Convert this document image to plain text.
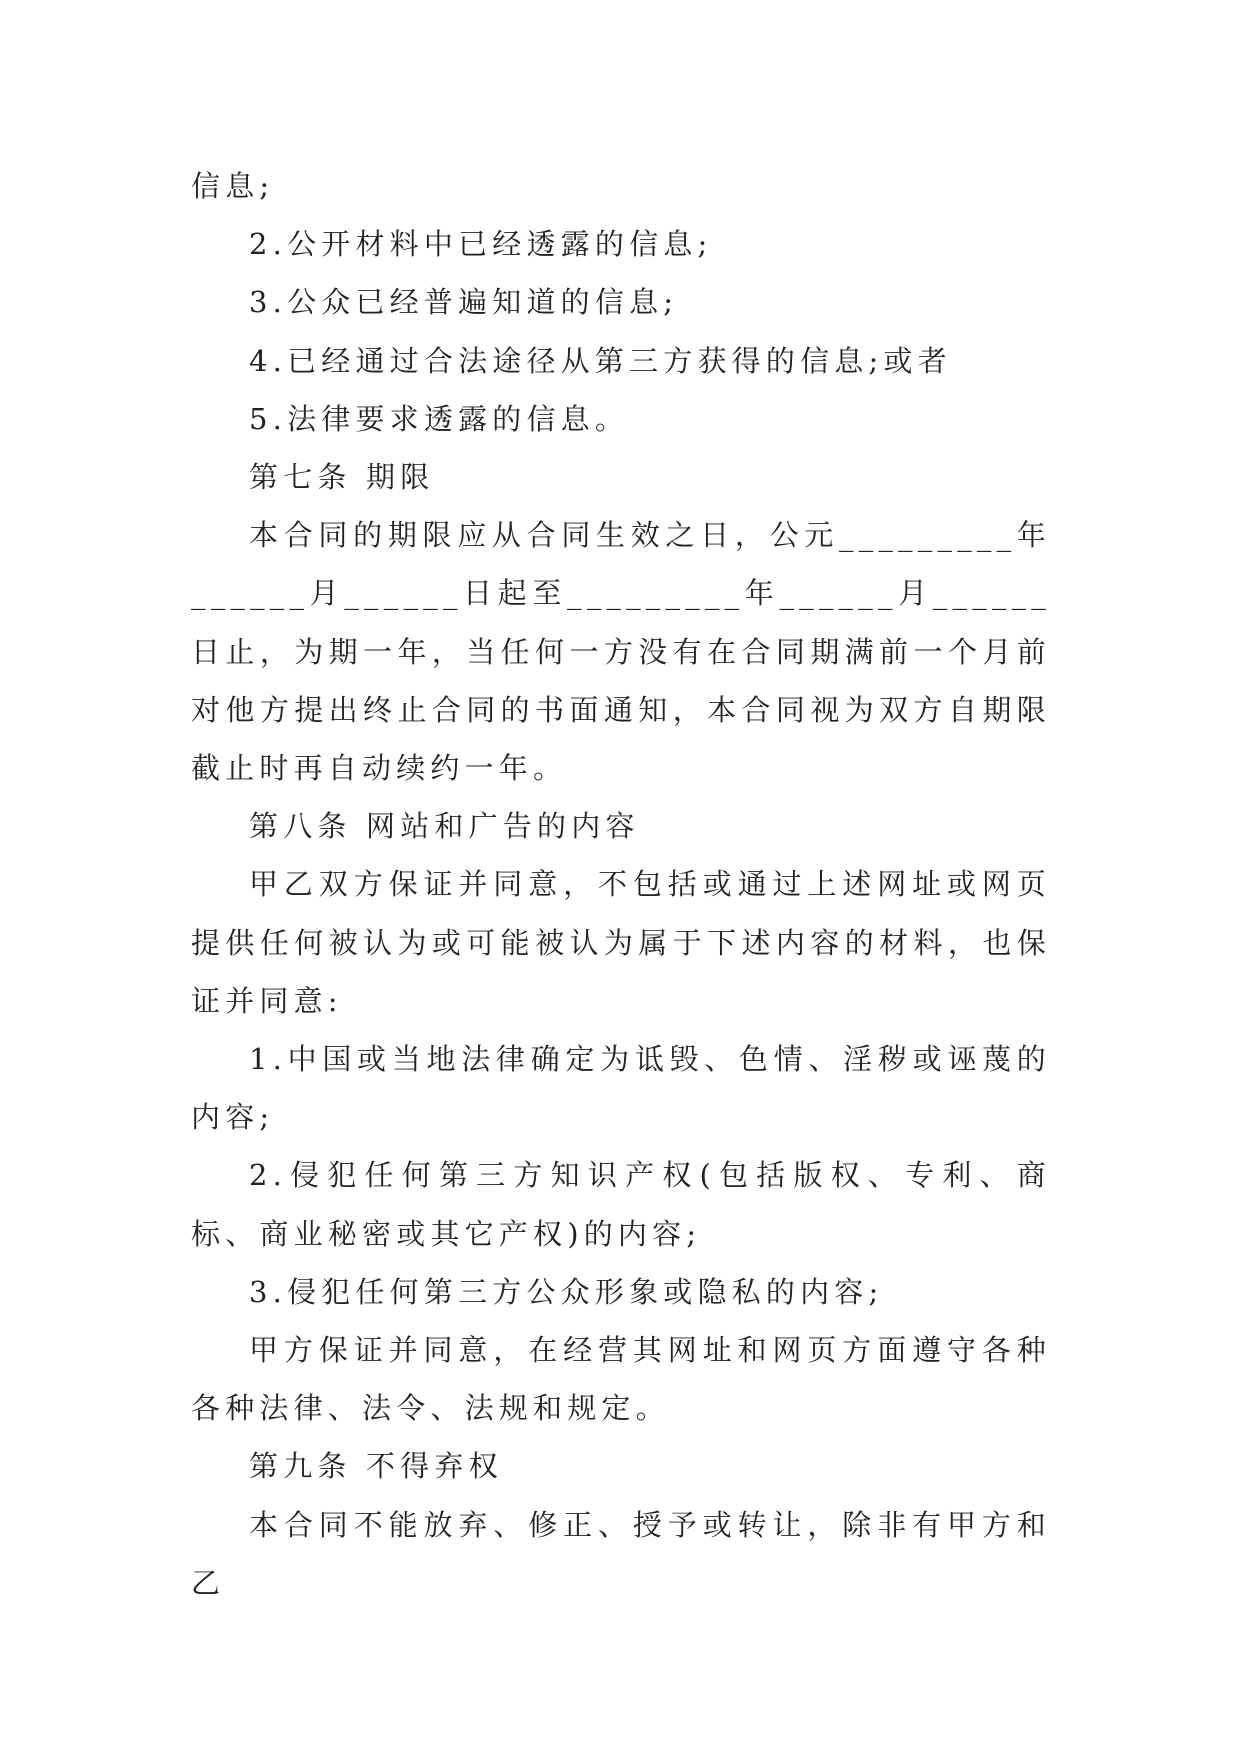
信息;

2.公开材料中已经透露的信息;

3.公众已经普遍知道的信息;

4.已经通过合法途径从第三方获得的信息;或者

5.法律要求透露的信息。

第七条 期限

本合同的期限应从合同生效之日，公元_________年______月______日起至_________年______月______日止，为期一年，当任何一方没有在合同期满前一个月前对他方提出终止合同的书面通知，本合同视为双方自期限截止时再自动续约一年。

第八条 网站和广告的内容

甲乙双方保证并同意，不包括或通过上述网址或网页提供任何被认为或可能被认为属于下述内容的材料，也保证并同意:

1.中国或当地法律确定为诋毁、色情、淫秽或诬蔑的内容;

2.侵犯任何第三方知识产权(包括版权、专利、商标、商业秘密或其它产权)的内容;

3.侵犯任何第三方公众形象或隐私的内容;

甲方保证并同意，在经营其网址和网页方面遵守各种各种法律、法令、法规和规定。

第九条 不得弃权

本合同不能放弃、修正、授予或转让，除非有甲方和乙
